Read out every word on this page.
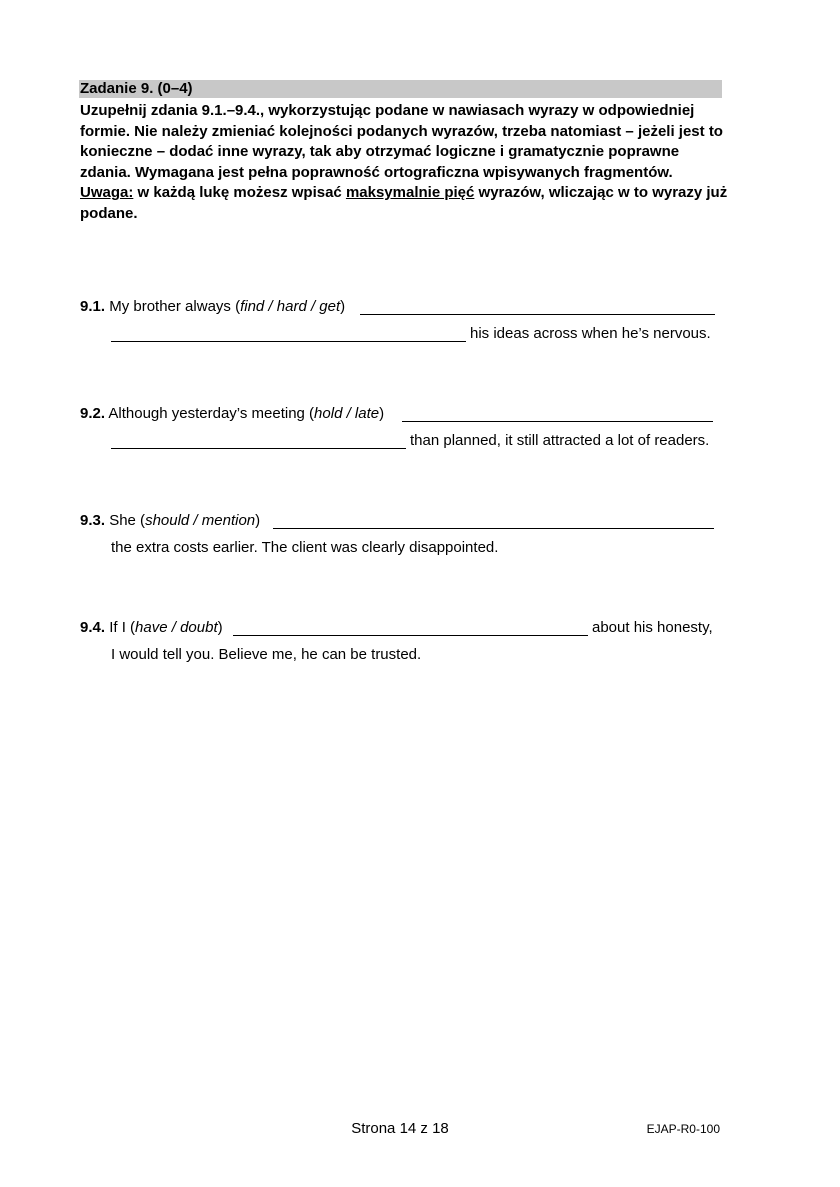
Zadanie 9. (0–4)
Uzupełnij zdania 9.1.–9.4., wykorzystując podane w nawiasach wyrazy w odpowiedniej formie. Nie należy zmieniać kolejności podanych wyrazów, trzeba natomiast – jeżeli jest to konieczne – dodać inne wyrazy, tak aby otrzymać logiczne i gramatycznie poprawne zdania. Wymagana jest pełna poprawność ortograficzna wpisywanych fragmentów.
Uwaga: w każdą lukę możesz wpisać maksymalnie pięć wyrazów, wliczając w to wyrazy już podane.
9.1. My brother always (find / hard / get)
his ideas across when he’s nervous.
9.2. Although yesterday’s meeting (hold / late)
than planned, it still attracted a lot of readers.
9.3. She (should / mention)
the extra costs earlier. The client was clearly disappointed.
9.4. If I (have / doubt)	about his honesty,
I would tell you. Believe me, he can be trusted.
Strona 14 z 18	EJAP-R0-100
